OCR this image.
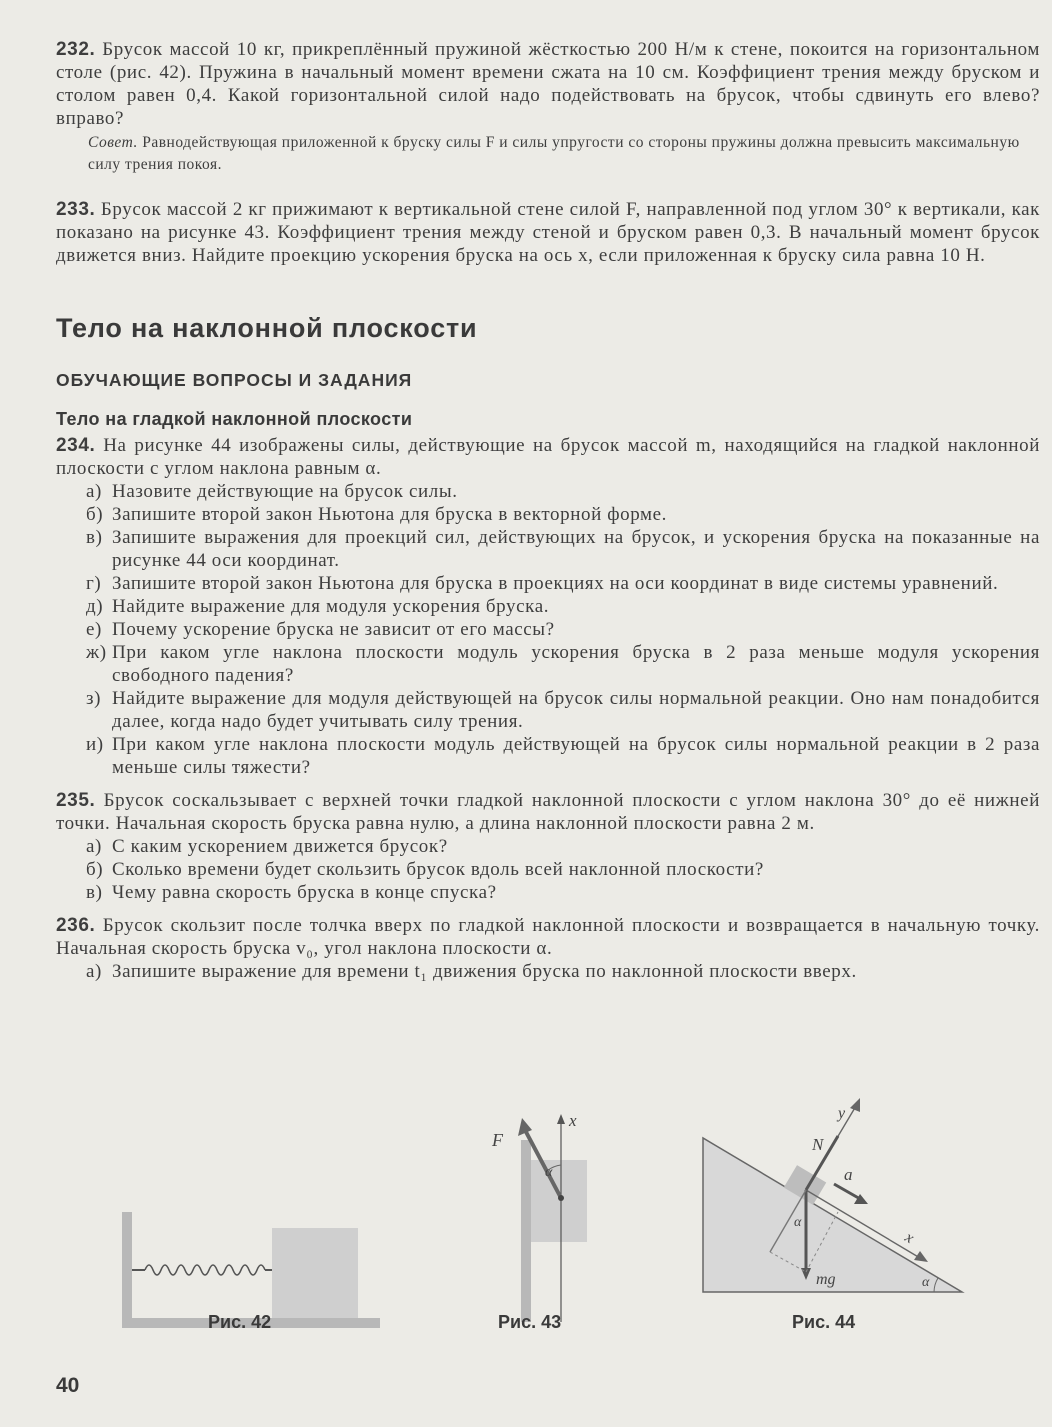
232. Брусок массой 10 кг, прикреплённый пружиной жёсткостью 200 Н/м к стене, покоится на горизонтальном столе (рис. 42). Пружина в начальный момент времени сжата на 10 см. Коэффициент трения между бруском и столом равен 0,4. Какой горизонтальной силой надо подействовать на брусок, чтобы сдвинуть его влево? вправо?
Совет. Равнодействующая приложенной к бруску силы F и силы упругости со стороны пружины должна превысить максимальную силу трения покоя.
233. Брусок массой 2 кг прижимают к вертикальной стене силой F, направленной под углом 30° к вертикали, как показано на рисунке 43. Коэффициент трения между стеной и бруском равен 0,3. В начальный момент брусок движется вниз. Найдите проекцию ускорения бруска на ось x, если приложенная к бруску сила равна 10 Н.
Тело на наклонной плоскости
ОБУЧАЮЩИЕ ВОПРОСЫ И ЗАДАНИЯ
Тело на гладкой наклонной плоскости
234. На рисунке 44 изображены силы, действующие на брусок массой m, находящийся на гладкой наклонной плоскости с углом наклона равным α.
а) Назовите действующие на брусок силы.
б) Запишите второй закон Ньютона для бруска в векторной форме.
в) Запишите выражения для проекций сил, действующих на брусок, и ускорения бруска на показанные на рисунке 44 оси координат.
г) Запишите второй закон Ньютона для бруска в проекциях на оси координат в виде системы уравнений.
д) Найдите выражение для модуля ускорения бруска.
е) Почему ускорение бруска не зависит от его массы?
ж) При каком угле наклона плоскости модуль ускорения бруска в 2 раза меньше модуля ускорения свободного падения?
з) Найдите выражение для модуля действующей на брусок силы нормальной реакции. Оно нам понадобится далее, когда надо будет учитывать силу трения.
и) При каком угле наклона плоскости модуль действующей на брусок силы нормальной реакции в 2 раза меньше силы тяжести?
235. Брусок соскальзывает с верхней точки гладкой наклонной плоскости с углом наклона 30° до её нижней точки. Начальная скорость бруска равна нулю, а длина наклонной плоскости равна 2 м.
а) С каким ускорением движется брусок?
б) Сколько времени будет скользить брусок вдоль всей наклонной плоскости?
в) Чему равна скорость бруска в конце спуска?
236. Брусок скользит после толчка вверх по гладкой наклонной плоскости и возвращается в начальную точку. Начальная скорость бруска v₀, угол наклона плоскости α.
а) Запишите выражение для времени t₁ движения бруска по наклонной плоскости вверх.
x
F
α
x
y
N
a
mg
α
α
Рис. 42	Рис. 43	Рис. 44
40
